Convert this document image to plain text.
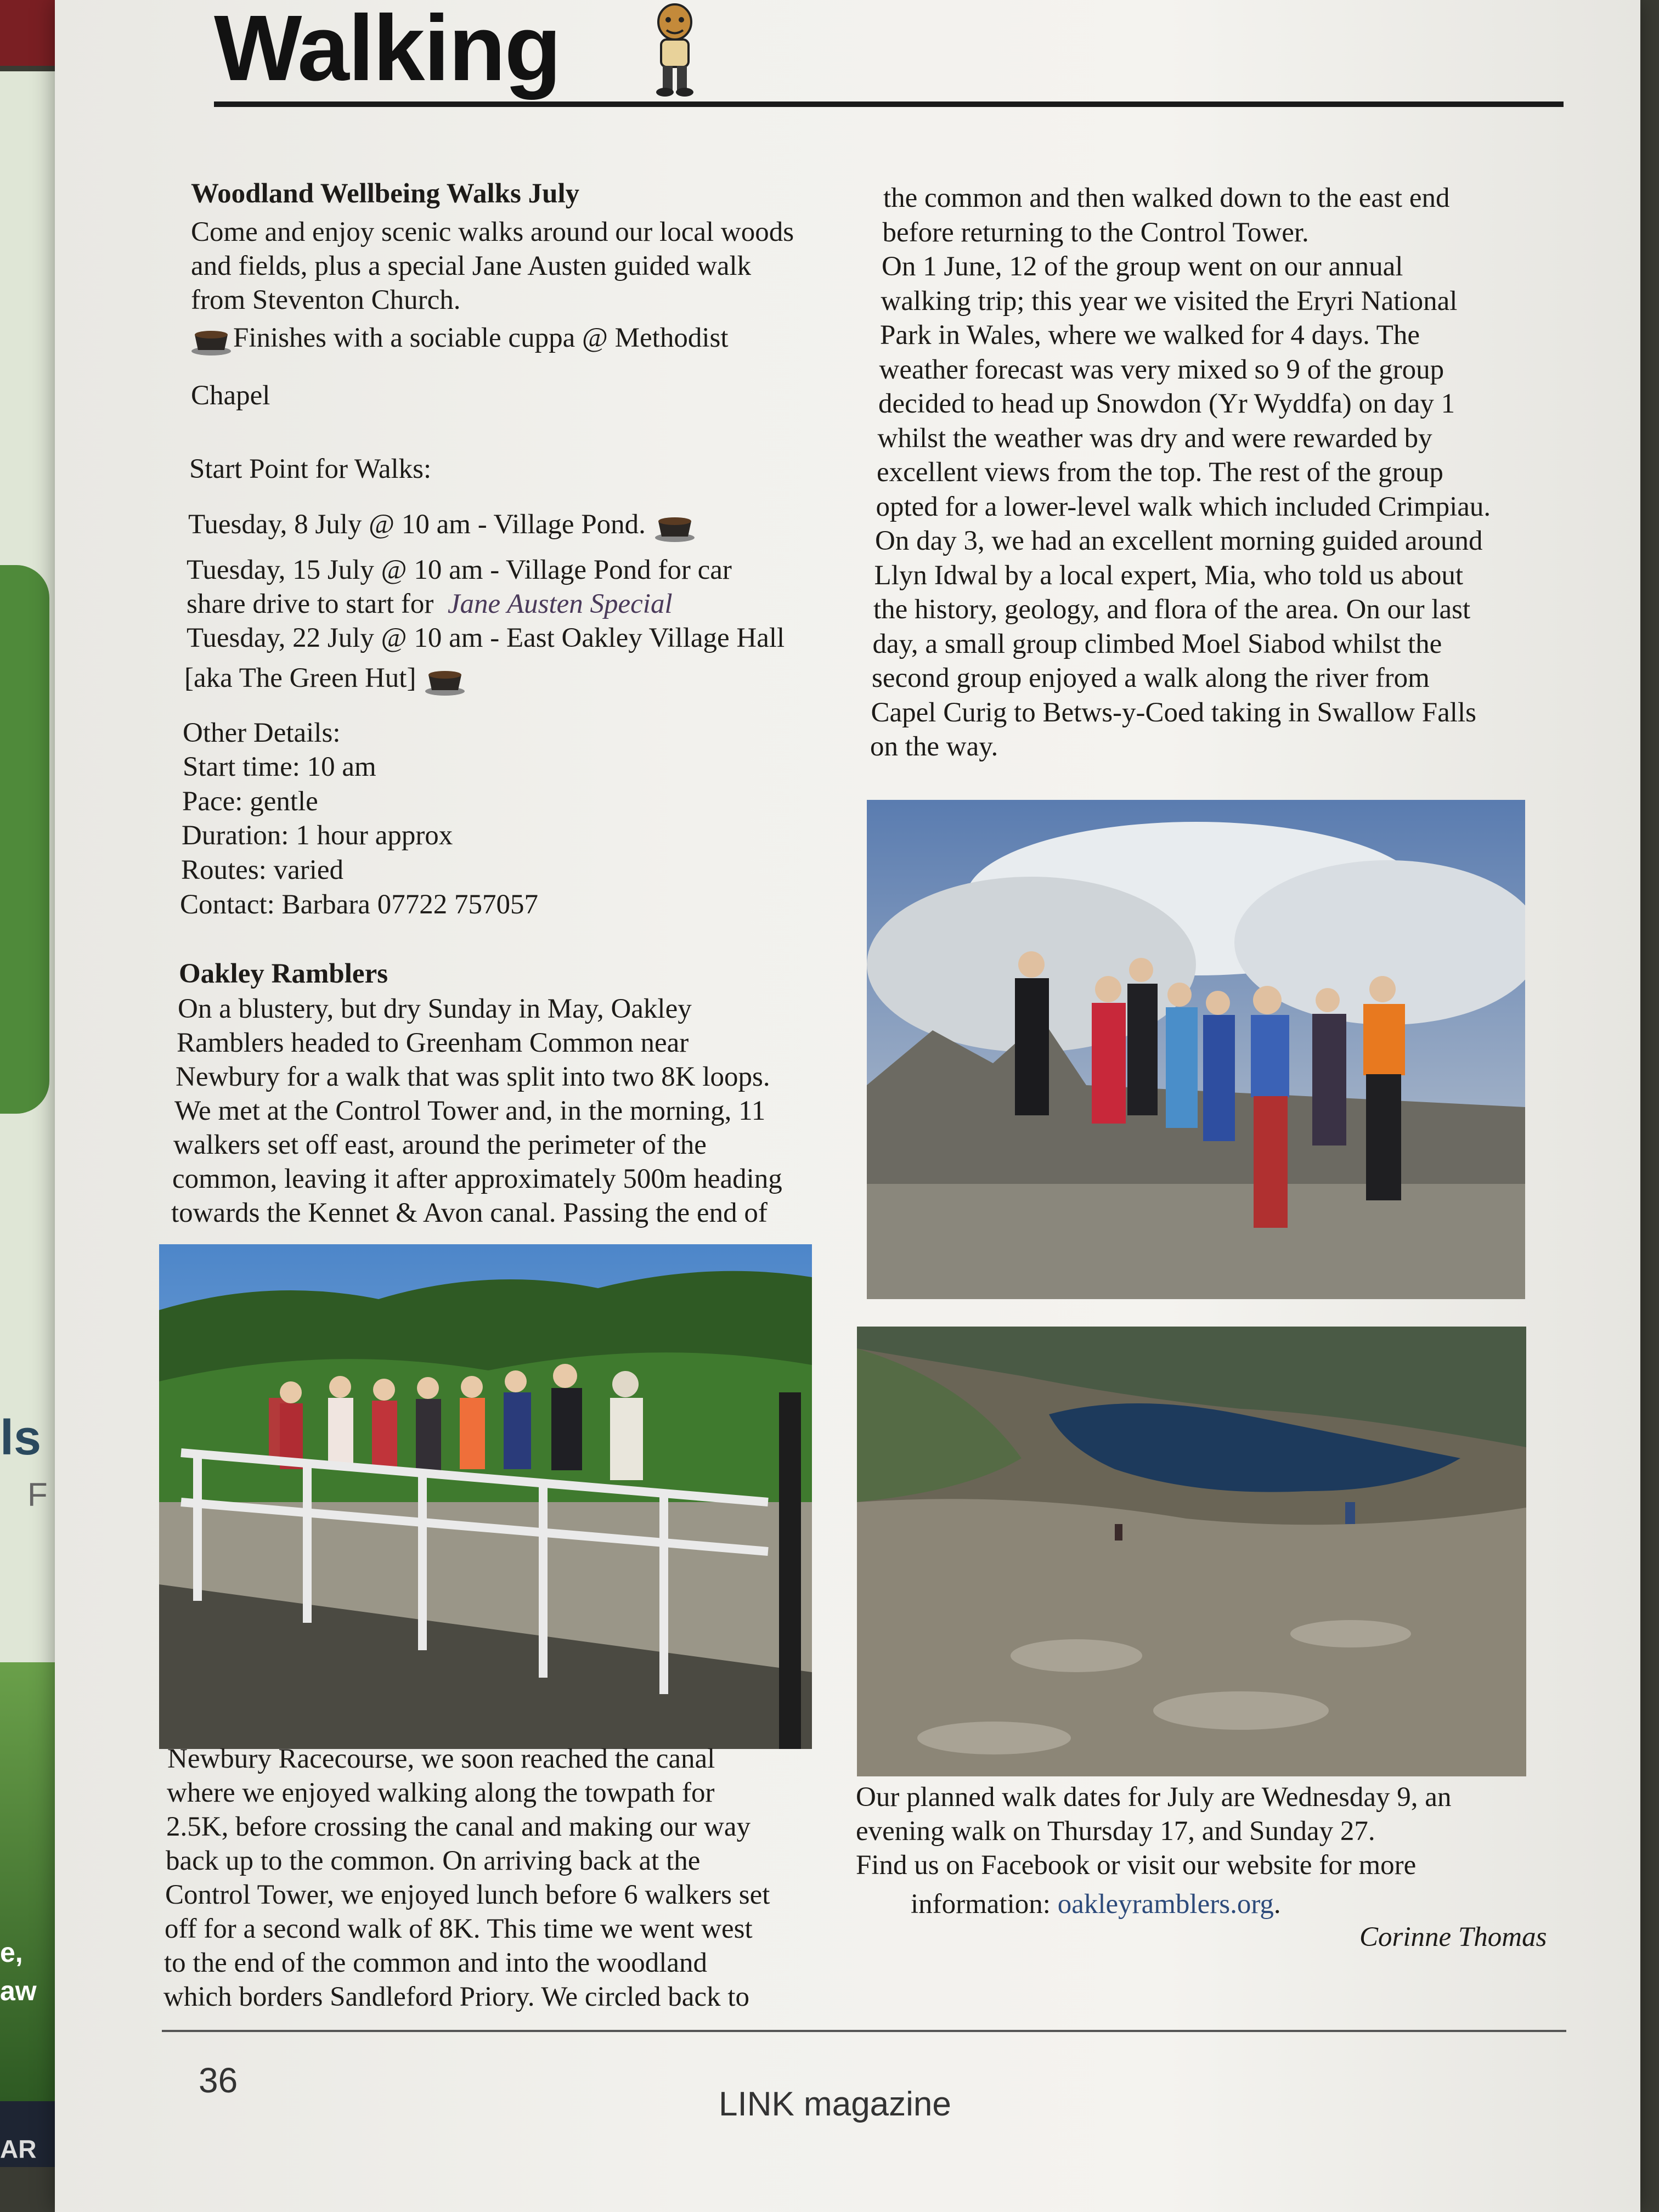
ls
F
e,
aw
AR
Walking
Woodland Wellbeing Walks July
Come and enjoy scenic walks around our local woods
and fields, plus a special Jane Austen guided walk
from Steventon Church.
Finishes with a sociable cuppa @ Methodist
Chapel
Start Point for Walks:
Tuesday, 8 July @ 10 am - Village Pond.
Tuesday, 15 July @ 10 am - Village Pond for car
share drive to start for Jane Austen Special
Tuesday, 22 July @ 10 am - East Oakley Village Hall
[aka The Green Hut]
Other Details:
Start time: 10 am
Pace: gentle
Duration: 1 hour approx
Routes: varied
Contact: Barbara 07722 757057
Oakley Ramblers
On a blustery, but dry Sunday in May, Oakley
Ramblers headed to Greenham Common near
Newbury for a walk that was split into two 8K loops.
We met at the Control Tower and, in the morning, 11
walkers set off east, around the perimeter of the
common, leaving it after approximately 500m heading
towards the Kennet & Avon canal. Passing the end of
Newbury Racecourse, we soon reached the canal
where we enjoyed walking along the towpath for
2.5K, before crossing the canal and making our way
back up to the common. On arriving back at the
Control Tower, we enjoyed lunch before 6 walkers set
off for a second walk of 8K. This time we went west
to the end of the common and into the woodland
which borders Sandleford Priory. We circled back to
the common and then walked down to the east end
before returning to the Control Tower.
On 1 June, 12 of the group went on our annual
walking trip; this year we visited the Eryri National
Park in Wales, where we walked for 4 days. The
weather forecast was very mixed so 9 of the group
decided to head up Snowdon (Yr Wyddfa) on day 1
whilst the weather was dry and were rewarded by
excellent views from the top. The rest of the group
opted for a lower-level walk which included Crimpiau.
On day 3, we had an excellent morning guided around
Llyn Idwal by a local expert, Mia, who told us about
the history, geology, and flora of the area. On our last
day, a small group climbed Moel Siabod whilst the
second group enjoyed a walk along the river from
Capel Curig to Betws-y-Coed taking in Swallow Falls
on the way.
Our planned walk dates for July are Wednesday 9, an
evening walk on Thursday 17, and Sunday 27.
Find us on Facebook or visit our website for more
information: oakleyramblers.org.
Corinne Thomas
36
LINK magazine
